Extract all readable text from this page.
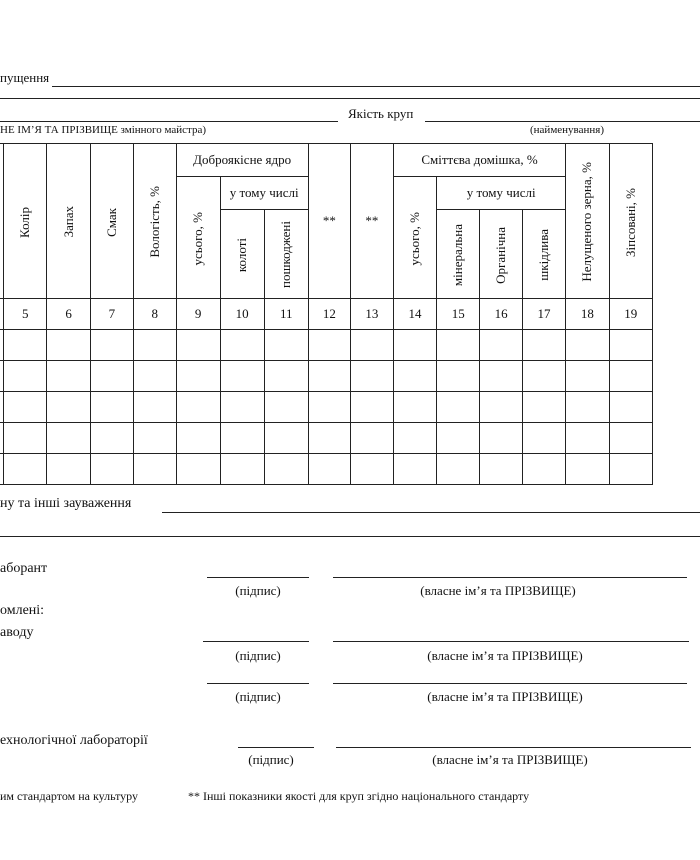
пущення
Якість круп
НЕ ІМ’Я ТА ПРІЗВИЩЕ змінного майстра)	(найменування)
	Колір	Запах	Смак	Вологість, %	Доброякісне ядро			**	**	Сміттєва домішка, %				Нелущеного зерна, %	Зіпсовані, %
					усього, %	у тому числі				усього, %	у тому числі				
						колоті	пошкоджені				мінеральна	Органічна	шкідлива		
	5	6	7	8	9	10	11	12	13	14	15	16	17	18	19

ну та інші зауваження
аборант
(підпис)	(власне ім’я та ПРІЗВИЩЕ)
омлені:
аводу
(підпис)	(власне ім’я та ПРІЗВИЩЕ)
(підпис)	(власне ім’я та ПРІЗВИЩЕ)
ехнологічної лабораторії
(підпис)	(власне ім’я та ПРІЗВИЩЕ)
им стандартом на культуру	** Інші показники якості для круп згідно національного стандарту
